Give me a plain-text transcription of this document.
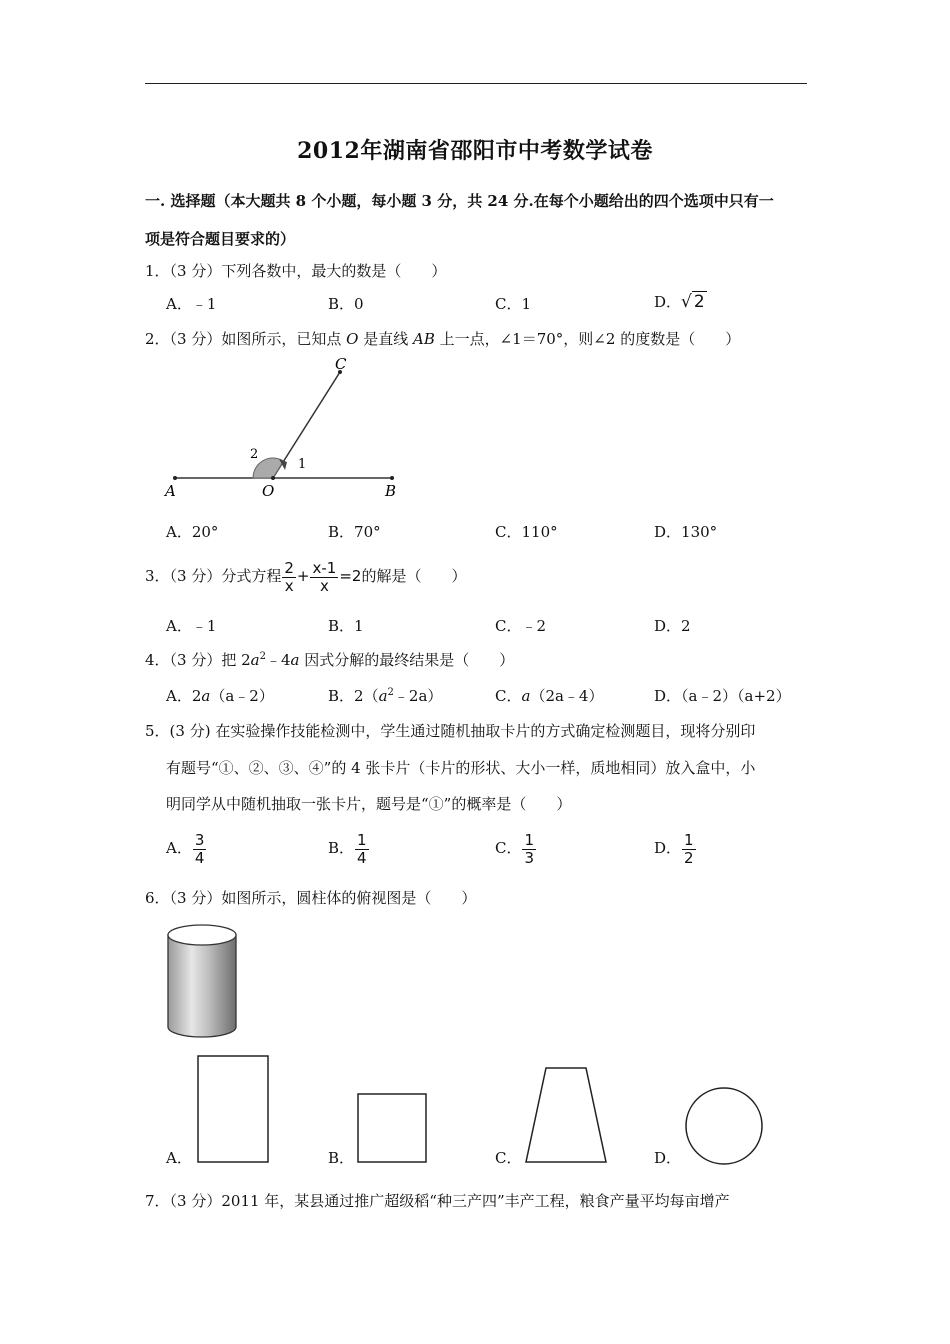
2012年湖南省邵阳市中考数学试卷
一. 选择题（本大题共 8 个小题，每小题 3 分，共 24 分.在每个小题给出的四个选项中只有一
项是符合题目要求的）
1．（3 分）下列各数中，最大的数是（　　）
A．﹣1	B．0	C．1	D．√ 2
2．（3 分）如图所示，已知点 O 是直线 AB 上一点，∠1＝70°，则∠2 的度数是（　　）
C
A	O	B
1
2
A．20°	B．70°	C．110°	D．130°
3．（3 分）分式方程 $\frac{2}{x} + \frac{x-1}{x} =2$的解是（　　）
A．﹣1	B．1	C．﹣2	D．2
4．（3 分）把 $2a^2﹣4a$ 因式分解的最终结果是（　　）
A．2a（a﹣2）	B．$2(a^2﹣2a)$	C．a（2a﹣4）	D．（a﹣2）（a+2）
5．(3 分) 在实验操作技能检测中，学生通过随机抽取卡片的方式确定检测题目，现将分别印
有题号“①、②、③、④”的 4 张卡片（卡片的形状、大小一样，质地相同）放入盒中，小
明同学从中随机抽取一张卡片，题号是“①”的概率是（　　）
A． $\frac{3}{4}$	B． $\frac{1}{4}$	C． $\frac{1}{3}$	D． $\frac{1}{2}$
6．（3 分）如图所示，圆柱体的俯视图是（　　）
A．	B．	C．	D．
7．（3 分）2011 年，某县通过推广超级稻“种三产四”丰产工程，粮食产量平均每亩增产
